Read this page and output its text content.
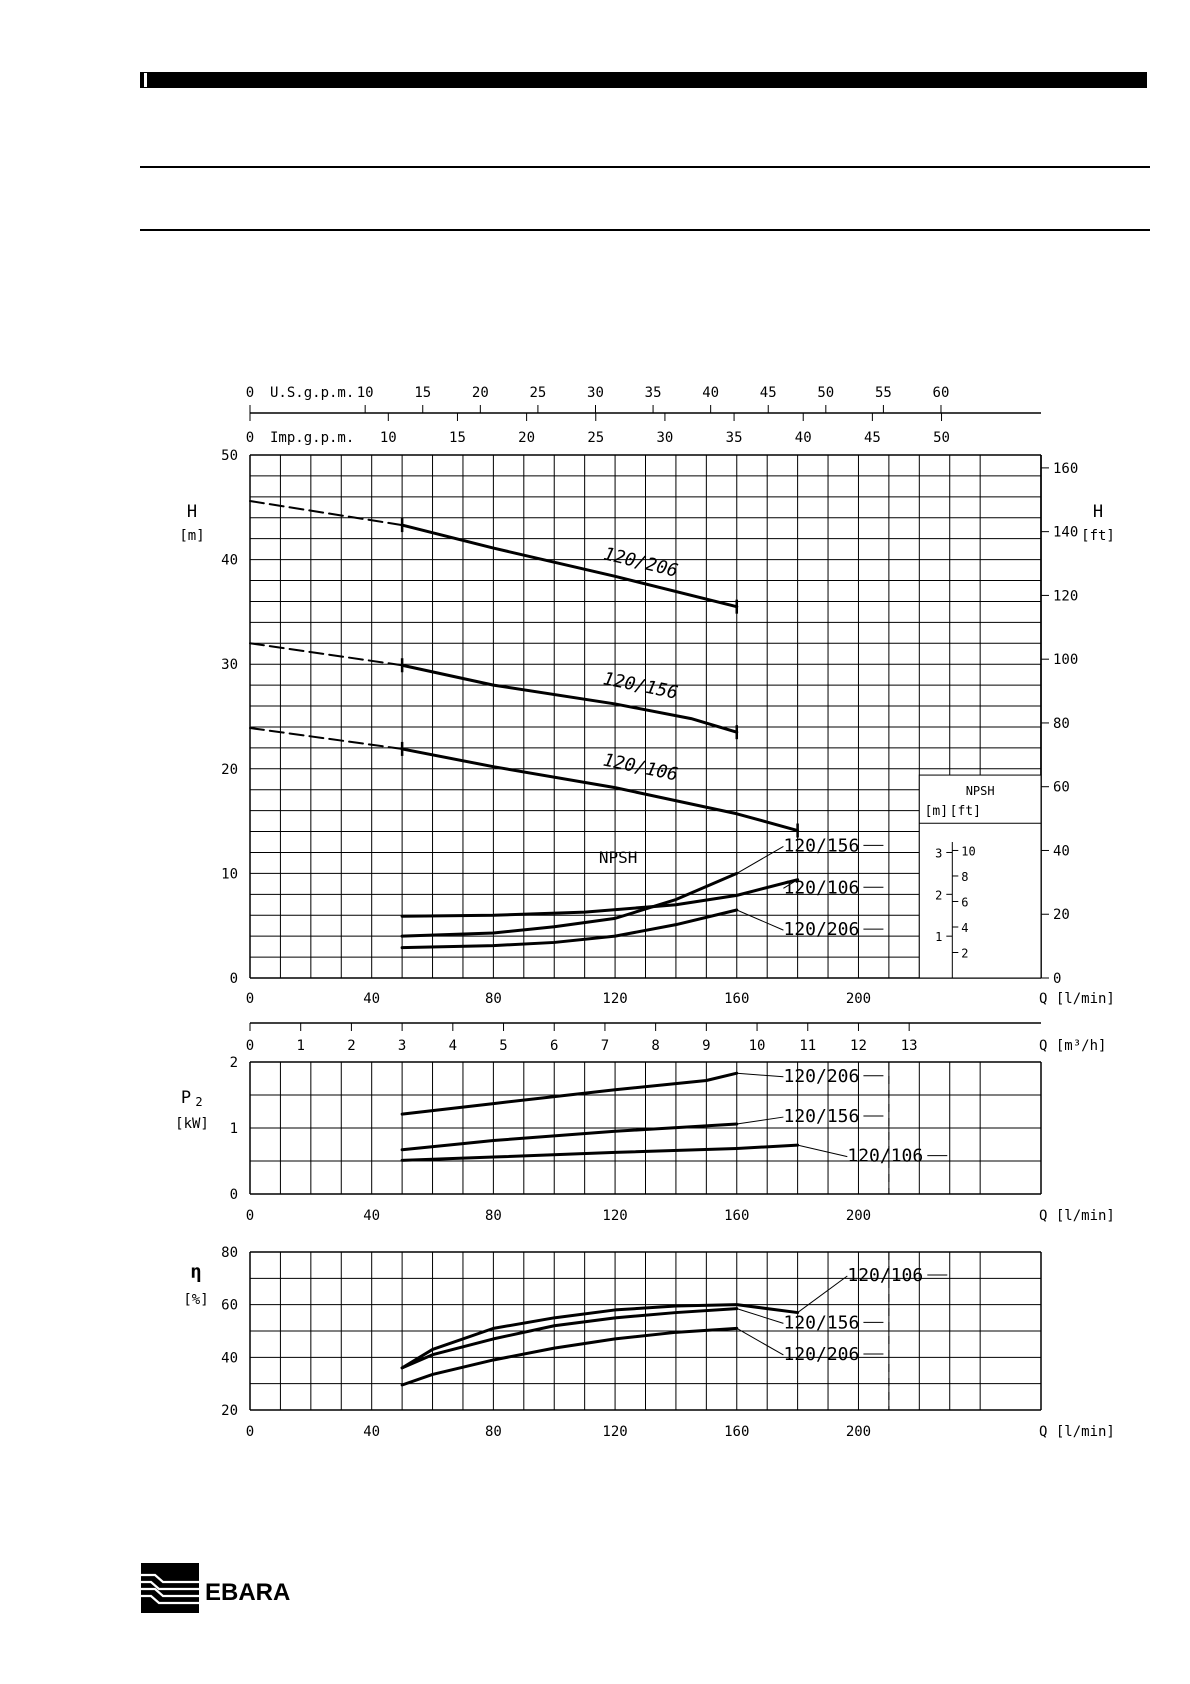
0
10
20
30
40
50
0	40	80	120	160	200	Q [l/min]
H
[m]
0
20
40
60
80
100
120
140
160
H
[ft]
0	10	15	20	25	30	35	40	45	50	55	60
U.S.g.p.m.
0	10	15	20	25	30	35	40	45	50
Imp.g.p.m.
120/206
120/156
120/106
NPSH
120/156
120/106
120/206
NPSH
[m] [ft]
1
2
3
2
4
6
8
10
0	1	2	3	4	5	6	7	8	9	10 11 12 13	Q [m³/h]
0
1
2
0	40	80	120	160	200	Q [l/min]
P 2
[kW]
120/206
120/156
120/106
20
40
60
80
0	40	80	120	160	200	Q [l/min]
η
[%]
120/106
120/156
120/206
EBARA
